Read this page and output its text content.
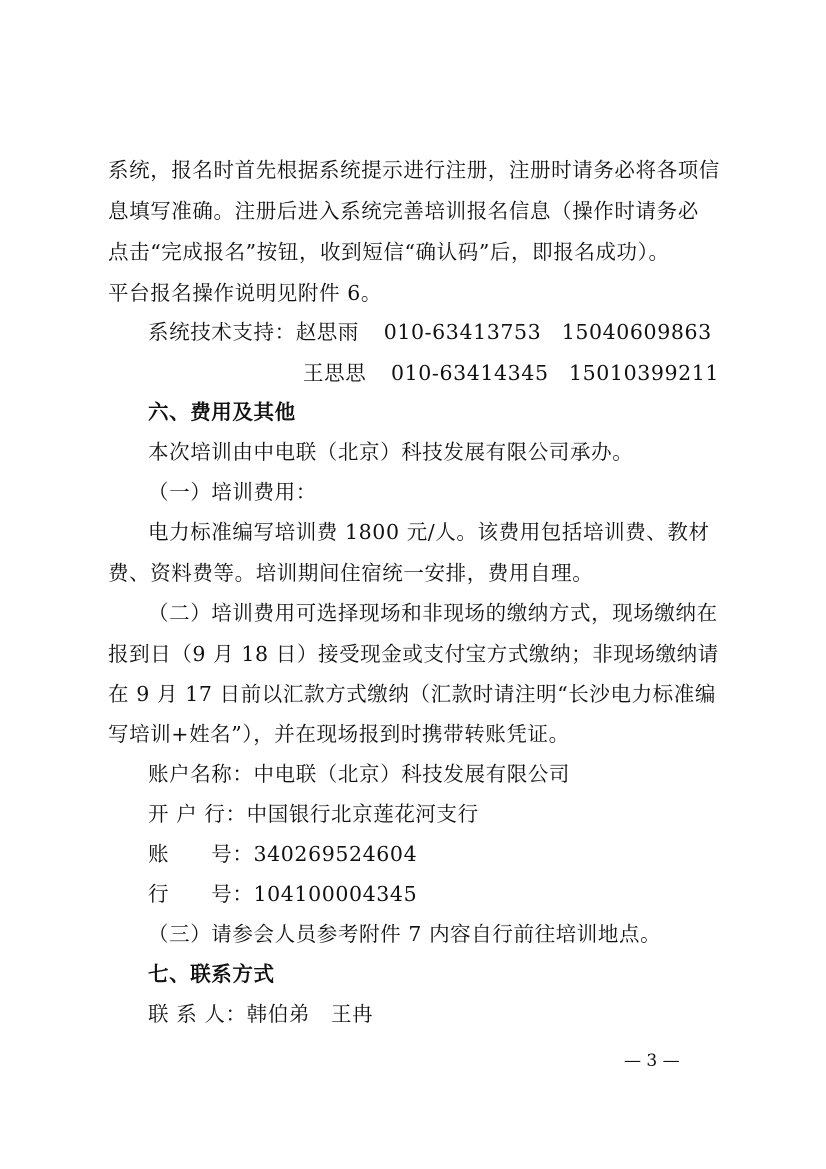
系统，报名时首先根据系统提示进行注册，注册时请务必将各项信
息填写准确。注册后进入系统完善培训报名信息（操作时请务必
点击“完成报名”按钮，收到短信“确认码”后，即报名成功）。
平台报名操作说明见附件 6。
系统技术支持：赵思雨 010-63413753 15040609863
王思思 010-63414345 15010399211
六、费用及其他
本次培训由中电联（北京）科技发展有限公司承办。
（一）培训费用：
电力标准编写培训费 1800 元/人。该费用包括培训费、教材
费、资料费等。培训期间住宿统一安排，费用自理。
（二）培训费用可选择现场和非现场的缴纳方式，现场缴纳在
报到日（9 月 18 日）接受现金或支付宝方式缴纳；非现场缴纳请
在 9 月 17 日前以汇款方式缴纳（汇款时请注明“长沙电力标准编
写培训+姓名”），并在现场报到时携带转账凭证。
账户名称：中电联（北京）科技发展有限公司
开 户 行：中国银行北京莲花河支行
账　　号：340269524604
行　　号：104100004345
（三）请参会人员参考附件 7 内容自行前往培训地点。
七、联系方式
联 系 人：韩伯弟　王冉
— 3 —
